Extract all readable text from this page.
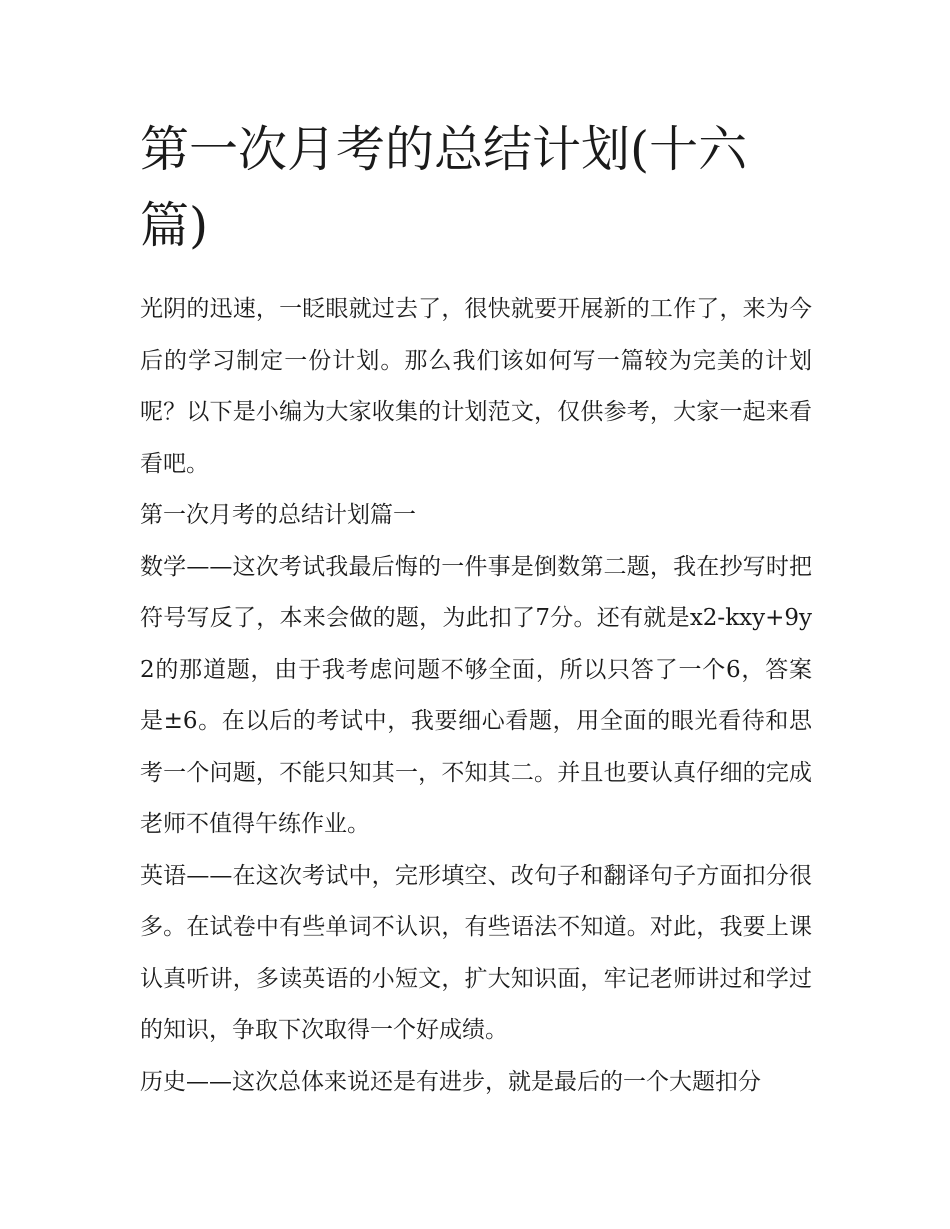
第一次月考的总结计划(十六篇)

光阴的迅速，一眨眼就过去了，很快就要开展新的工作了，来为今后的学习制定一份计划。那么我们该如何写一篇较为完美的计划呢？以下是小编为大家收集的计划范文，仅供参考，大家一起来看看吧。

第一次月考的总结计划篇一

数学——这次考试我最后悔的一件事是倒数第二题，我在抄写时把符号写反了，本来会做的题，为此扣了7分。还有就是x2-kxy+9y2的那道题，由于我考虑问题不够全面，所以只答了一个6，答案是±6。在以后的考试中，我要细心看题，用全面的眼光看待和思考一个问题，不能只知其一，不知其二。并且也要认真仔细的完成老师不值得午练作业。

英语——在这次考试中，完形填空、改句子和翻译句子方面扣分很多。在试卷中有些单词不认识，有些语法不知道。对此，我要上课认真听讲，多读英语的小短文，扩大知识面，牢记老师讲过和学过的知识，争取下次取得一个好成绩。

历史——这次总体来说还是有进步，就是最后的一个大题扣分
